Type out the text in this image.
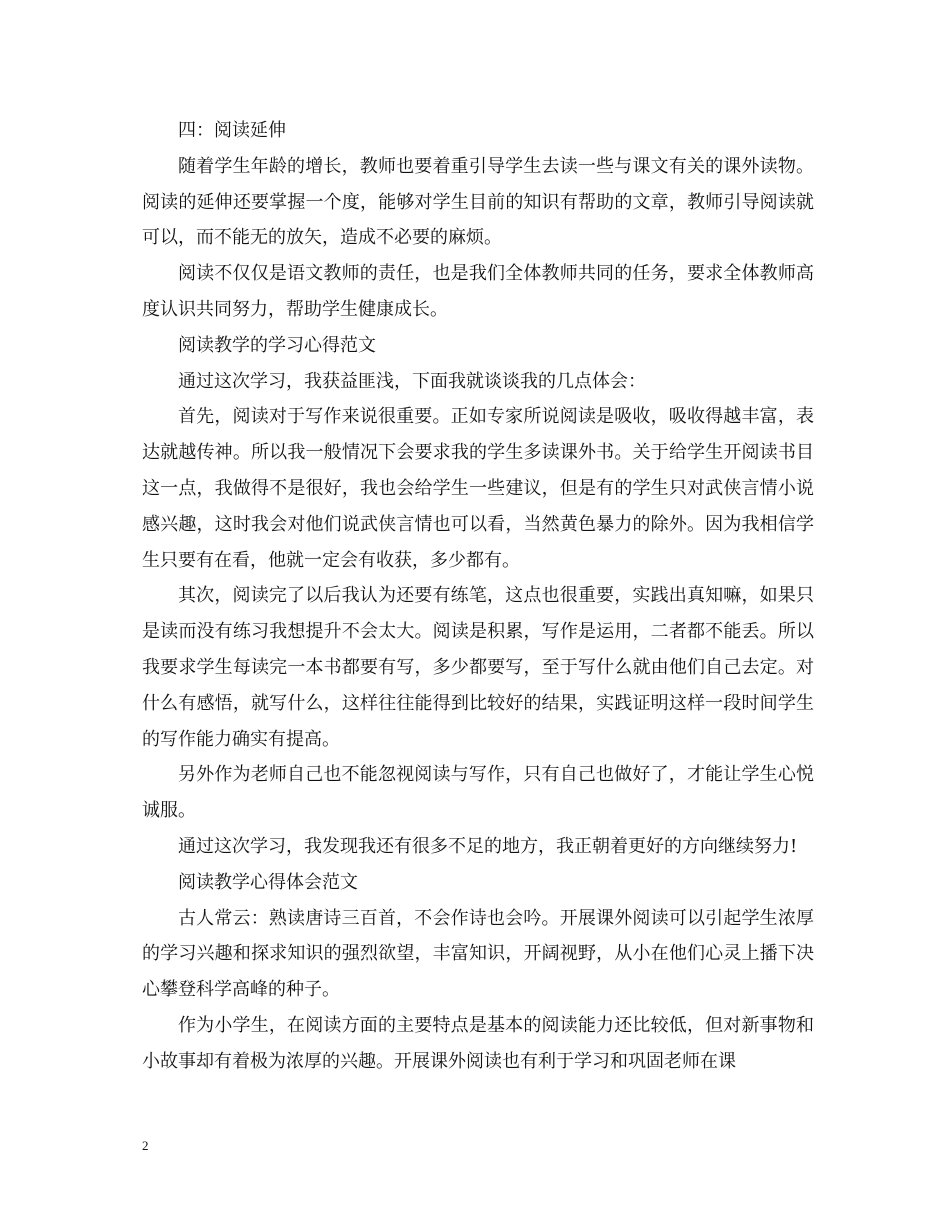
四：阅读延伸

随着学生年龄的增长，教师也要着重引导学生去读一些与课文有关的课外读物。阅读的延伸还要掌握一个度，能够对学生目前的知识有帮助的文章，教师引导阅读就可以，而不能无的放矢，造成不必要的麻烦。

阅读不仅仅是语文教师的责任，也是我们全体教师共同的任务，要求全体教师高度认识共同努力，帮助学生健康成长。

阅读教学的学习心得范文

通过这次学习，我获益匪浅，下面我就谈谈我的几点体会：

首先，阅读对于写作来说很重要。正如专家所说阅读是吸收，吸收得越丰富，表达就越传神。所以我一般情况下会要求我的学生多读课外书。关于给学生开阅读书目这一点，我做得不是很好，我也会给学生一些建议，但是有的学生只对武侠言情小说感兴趣，这时我会对他们说武侠言情也可以看，当然黄色暴力的除外。因为我相信学生只要有在看，他就一定会有收获，多少都有。

其次，阅读完了以后我认为还要有练笔，这点也很重要，实践出真知嘛，如果只是读而没有练习我想提升不会太大。阅读是积累，写作是运用，二者都不能丢。所以我要求学生每读完一本书都要有写，多少都要写，至于写什么就由他们自己去定。对什么有感悟，就写什么，这样往往能得到比较好的结果，实践证明这样一段时间学生的写作能力确实有提高。

另外作为老师自己也不能忽视阅读与写作，只有自己也做好了，才能让学生心悦诚服。

通过这次学习，我发现我还有很多不足的地方，我正朝着更好的方向继续努力!

阅读教学心得体会范文

古人常云：熟读唐诗三百首，不会作诗也会吟。开展课外阅读可以引起学生浓厚的学习兴趣和探求知识的强烈欲望，丰富知识，开阔视野，从小在他们心灵上播下决心攀登科学高峰的种子。

作为小学生，在阅读方面的主要特点是基本的阅读能力还比较低，但对新事物和小故事却有着极为浓厚的兴趣。开展课外阅读也有利于学习和巩固老师在课

2
